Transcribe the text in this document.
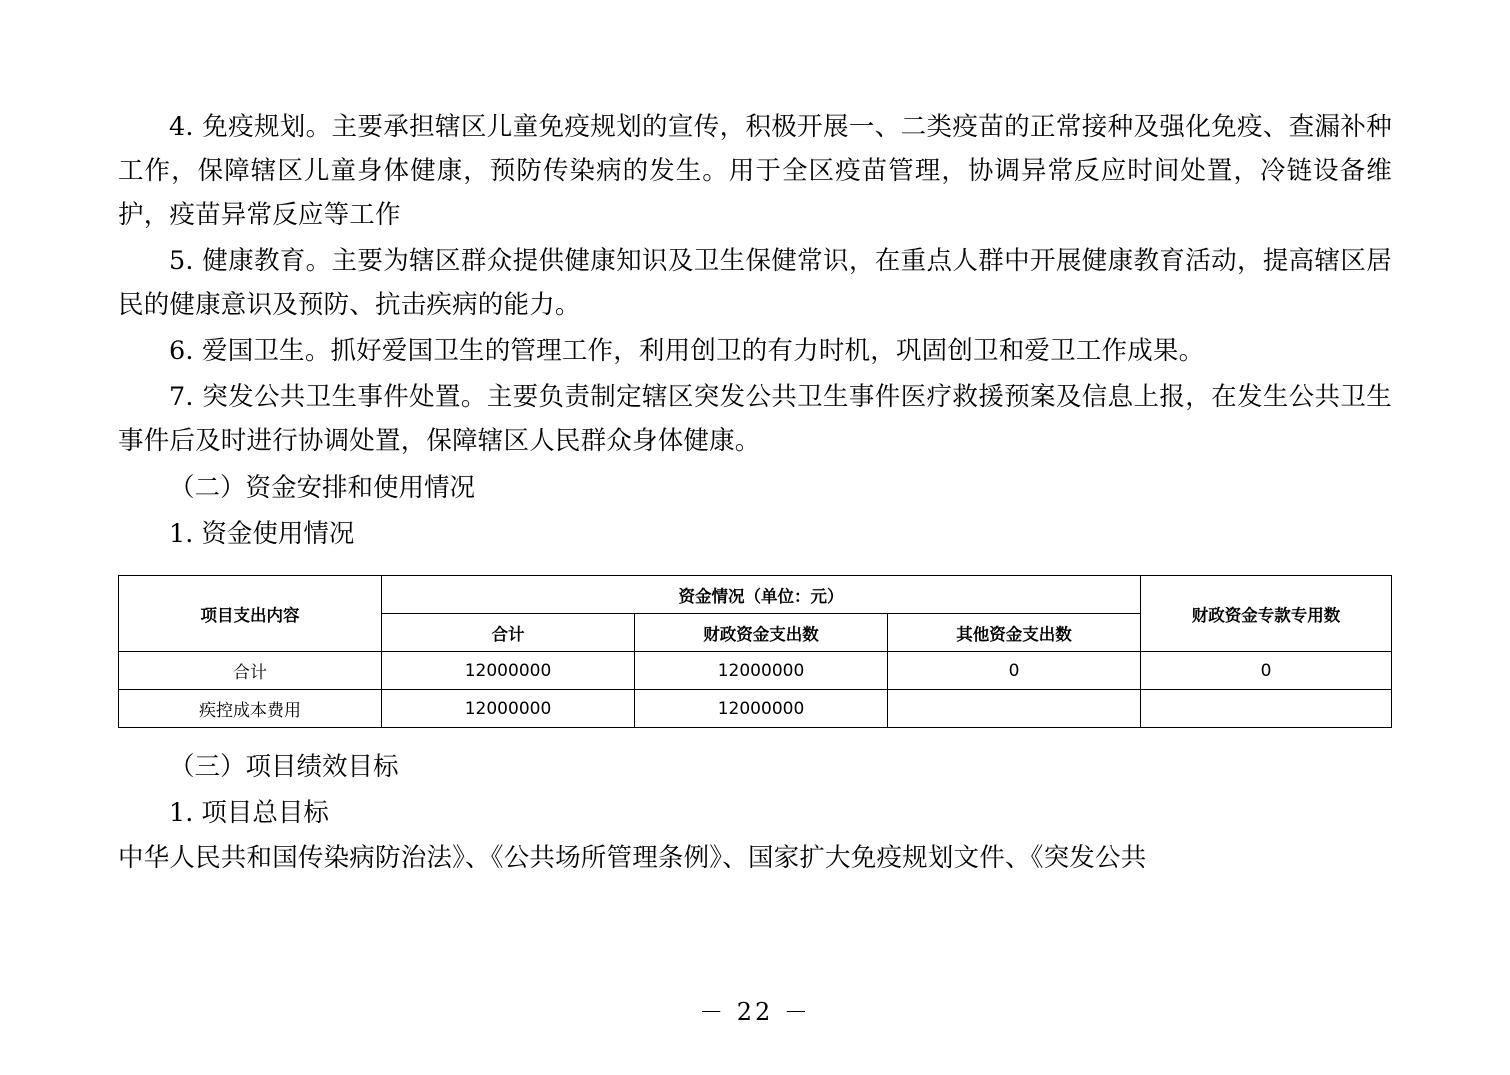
4. 免疫规划。主要承担辖区儿童免疫规划的宣传，积极开展一、二类疫苗的正常接种及强化免疫、查漏补种工作，保障辖区儿童身体健康，预防传染病的发生。用于全区疫苗管理，协调异常反应时间处置，冷链设备维护，疫苗异常反应等工作

5. 健康教育。主要为辖区群众提供健康知识及卫生保健常识，在重点人群中开展健康教育活动，提高辖区居民的健康意识及预防、抗击疾病的能力。

6. 爱国卫生。抓好爱国卫生的管理工作，利用创卫的有力时机，巩固创卫和爱卫工作成果。

7. 突发公共卫生事件处置。主要负责制定辖区突发公共卫生事件医疗救援预案及信息上报，在发生公共卫生事件后及时进行协调处置，保障辖区人民群众身体健康。

（二）资金安排和使用情况

1. 资金使用情况

项目支出内容	资金情况（单位：元）			财政资金专款专用数
	合计	财政资金支出数	其他资金支出数	
合计	12000000	12000000	0	0
疾控成本费用	12000000	12000000		

（三）项目绩效目标

1. 项目总目标

中华人民共和国传染病防治法》、《公共场所管理条例》、国家扩大免疫规划文件、《突发公共

－ 22 －
